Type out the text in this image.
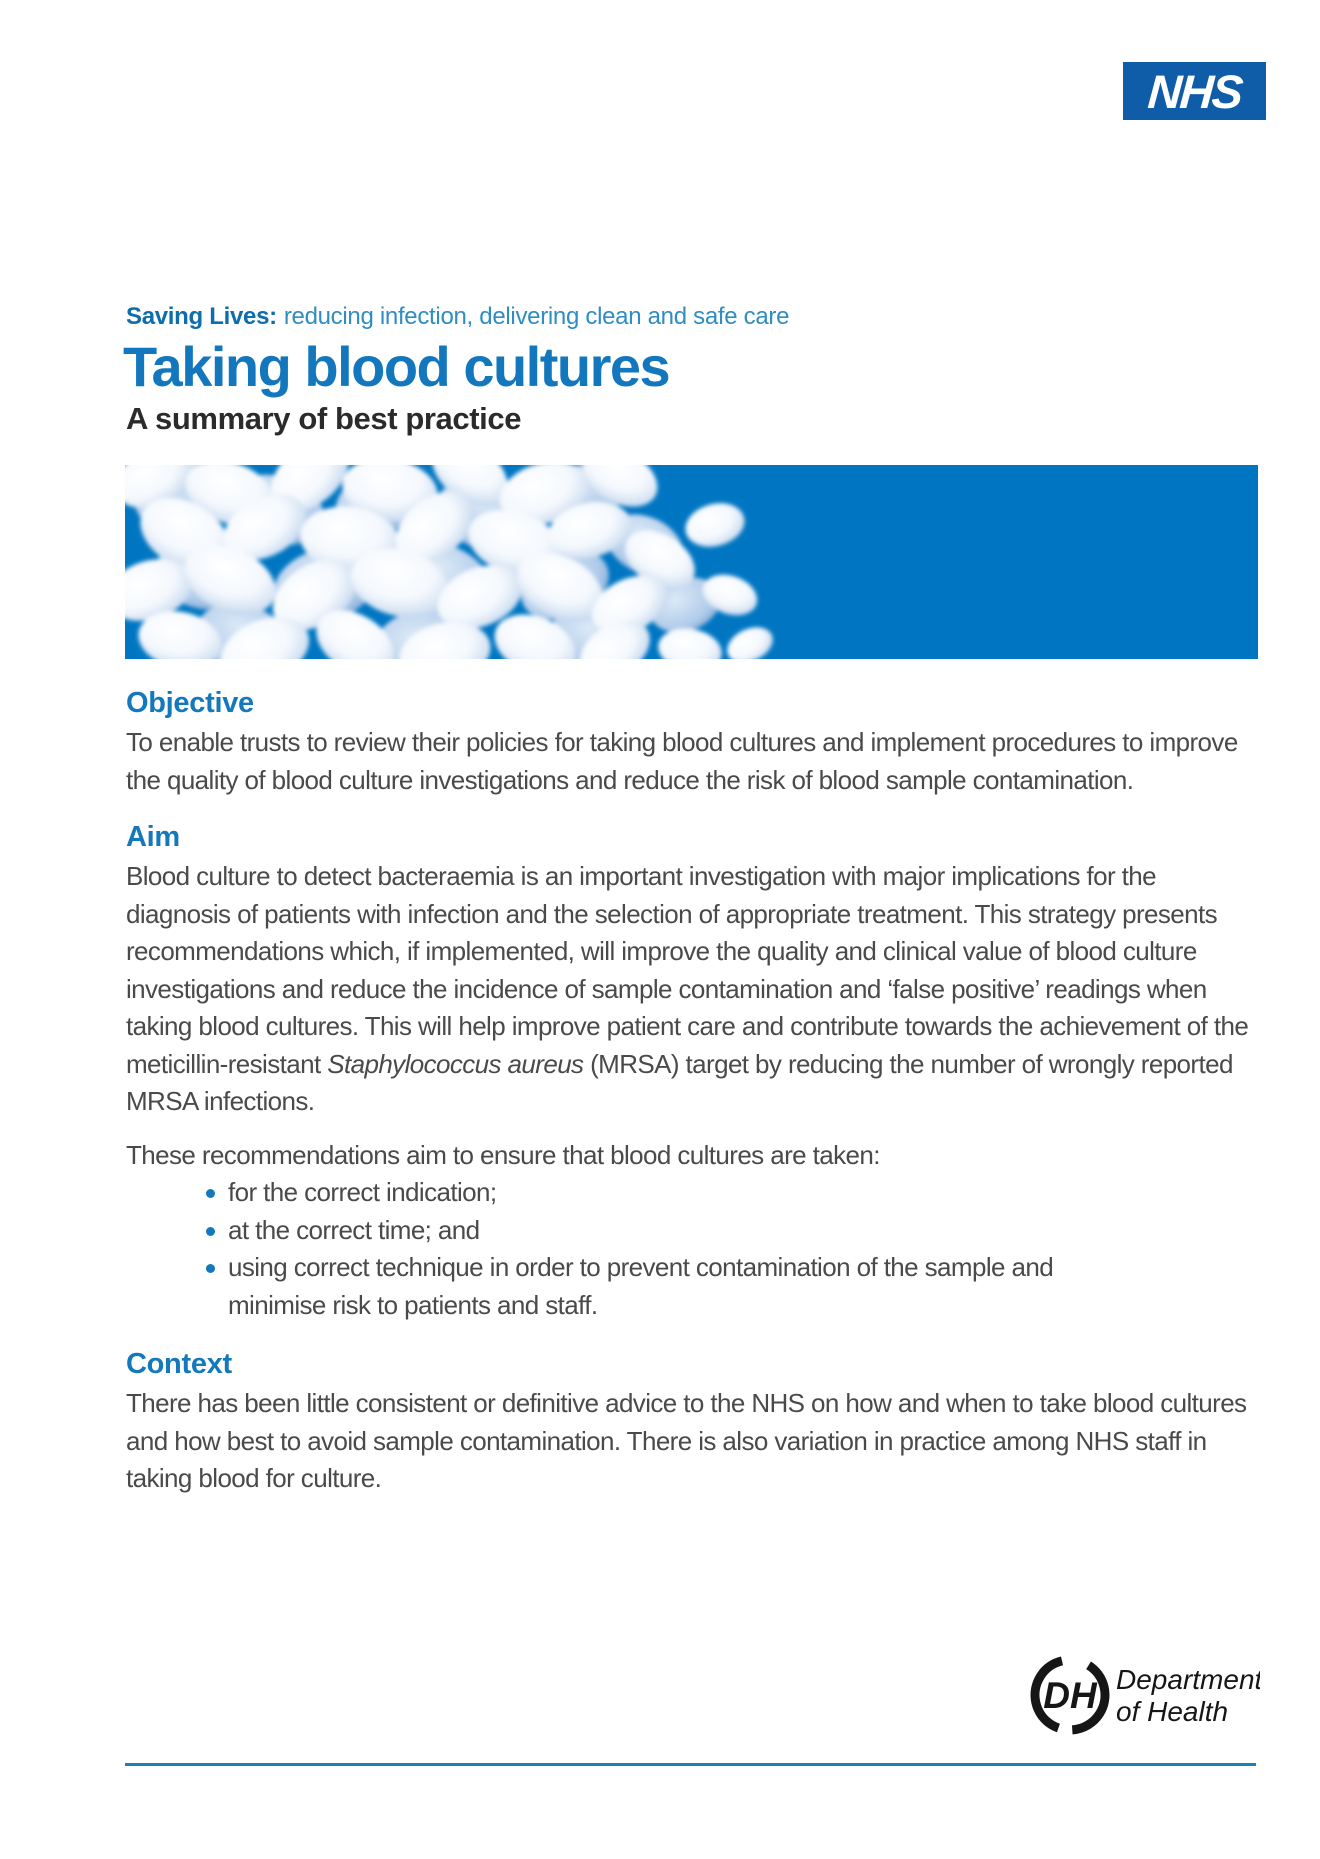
NHS
Saving Lives: reducing infection, delivering clean and safe care
Taking blood cultures
A summary of best practice
Objective

To enable trusts to review their policies for taking blood cultures and implement procedures to improve the quality of blood culture investigations and reduce the risk of blood sample contamination.

Aim

Blood culture to detect bacteraemia is an important investigation with major implications for the diagnosis of patients with infection and the selection of appropriate treatment. This strategy presents recommendations which, if implemented, will improve the quality and clinical value of blood culture investigations and reduce the incidence of sample contamination and ‘false positive’ readings when taking blood cultures. This will help improve patient care and contribute towards the achievement of the meticillin-resistant Staphylococcus aureus (MRSA) target by reducing the number of wrongly reported MRSA infections.

These recommendations aim to ensure that blood cultures are taken:

for the correct indication;
at the correct time; and
using correct technique in order to prevent contamination of the sample and minimise risk to patients and staff.
Context

There has been little consistent or definitive advice to the NHS on how and when to take blood cultures and how best to avoid sample contamination. There is also variation in practice among NHS staff in taking blood for culture.

DH Department
of Health
